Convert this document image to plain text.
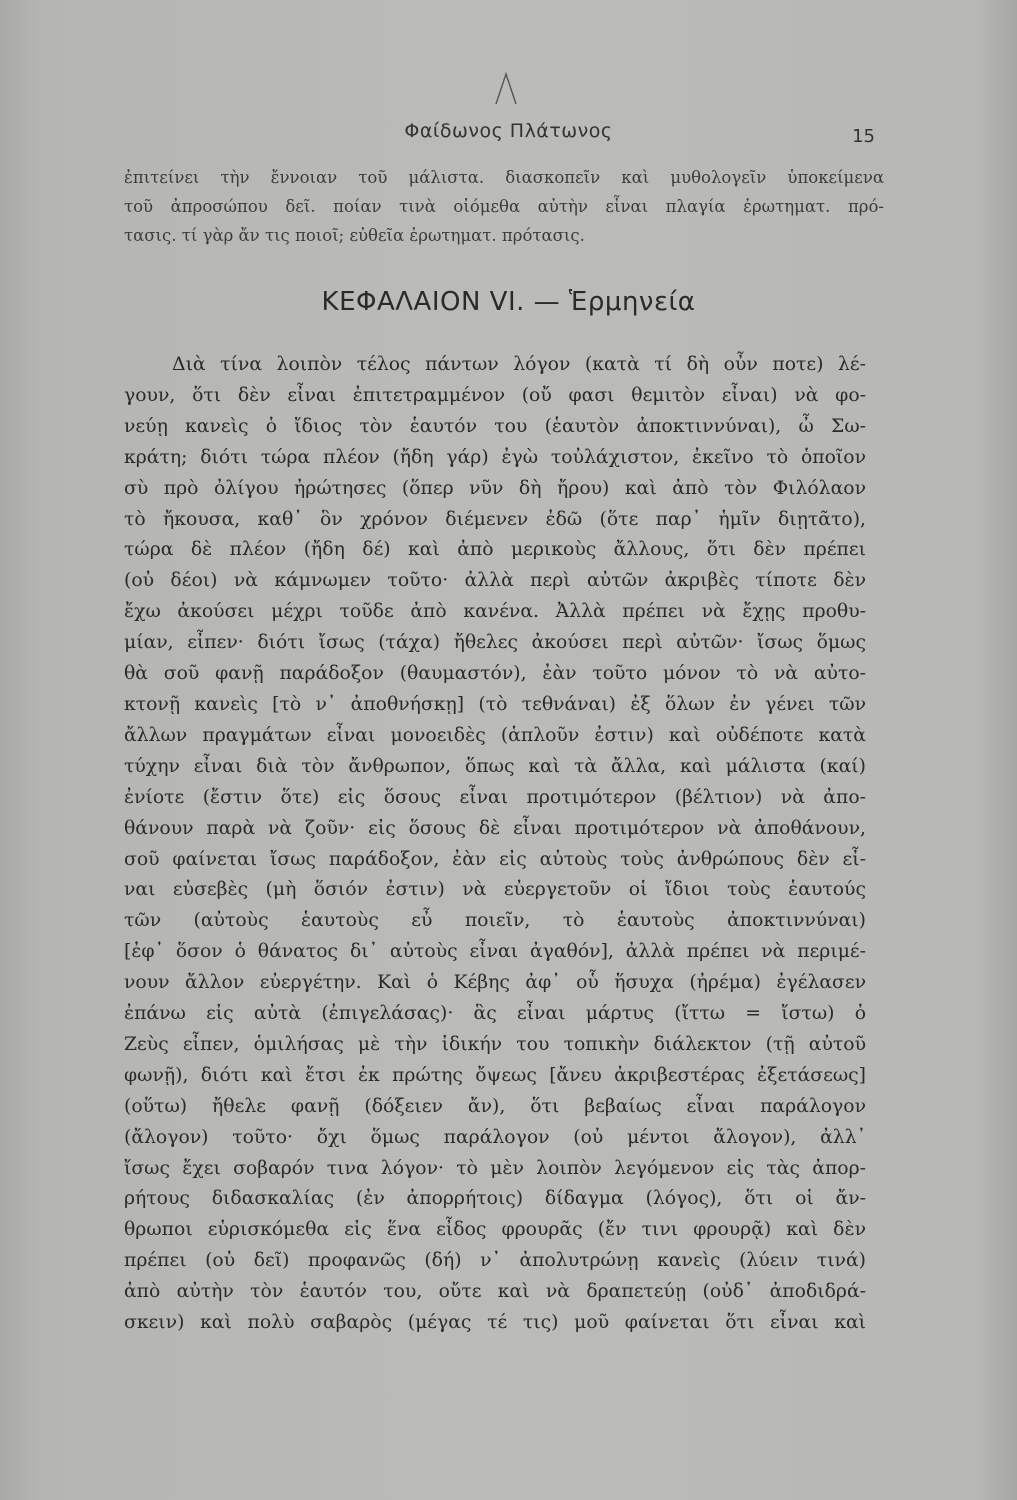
Φαίδωνος Πλάτωνος	15
ἐπιτείνει τὴν ἔννοιαν τοῦ μάλιστα. διασκοπεῖν καὶ μυθολογεῖν ὑποκείμενα
τοῦ ἀπροσώπου δεῖ. ποίαν τινὰ οἰόμεθα αὐτὴν εἶναι πλαγία ἐρωτηματ. πρό-
τασις. τί γὰρ ἄν τις ποιοῖ; εὐθεῖα ἐρωτηματ. πρότασις.
ΚΕΦΑΛΑΙΟΝ VI. — Ἑρμηνεία
Διὰ τίνα λοιπὸν τέλος πάντων λόγον (κατὰ τί δὴ οὖν ποτε) λέ-
γουν, ὅτι δὲν εἶναι ἐπιτετραμμένον (οὔ φασι θεμιτὸν εἶναι) νὰ φο-
νεύῃ κανεὶς ὁ ἴδιος τὸν ἑαυτόν του (ἑαυτὸν ἀποκτιννύναι), ὦ Σω-
κράτη; διότι τώρα πλέον (ἤδη γάρ) ἐγὼ τοὐλάχιστον, ἐκεῖνο τὸ ὁποῖον
σὺ πρὸ ὀλίγου ἠρώτησες (ὅπερ νῦν δὴ ἤρου) καὶ ἀπὸ τὸν Φιλόλαον
τὸ ἤκουσα, καθ᾿ ὃν χρόνον διέμενεν ἐδῶ (ὅτε παρ᾿ ἡμῖν διῃτᾶτο),
τώρα δὲ πλέον (ἤδη δέ) καὶ ἀπὸ μερικοὺς ἄλλους, ὅτι δὲν πρέπει
(οὐ δέοι) νὰ κάμνωμεν τοῦτο· ἀλλὰ περὶ αὐτῶν ἀκριβὲς τίποτε δὲν
ἔχω ἀκούσει μέχρι τοῦδε ἀπὸ κανένα. Ἀλλὰ πρέπει νὰ ἔχῃς προθυ-
μίαν, εἶπεν· διότι ἴσως (τάχα) ἤθελες ἀκούσει περὶ αὐτῶν· ἴσως ὅμως
θὰ σοῦ φανῇ παράδοξον (θαυμαστόν), ἐὰν τοῦτο μόνον τὸ νὰ αὐτο-
κτονῇ κανεὶς [τὸ ν᾿ ἀποθνήσκῃ] (τὸ τεθνάναι) ἐξ ὅλων ἐν γένει τῶν
ἄλλων πραγμάτων εἶναι μονοειδὲς (ἁπλοῦν ἐστιν) καὶ οὐδέποτε κατὰ
τύχην εἶναι διὰ τὸν ἄνθρωπον, ὅπως καὶ τὰ ἄλλα, καὶ μάλιστα (καί)
ἐνίοτε (ἔστιν ὅτε) εἰς ὅσους εἶναι προτιμότερον (βέλτιον) νὰ ἀπο-
θάνουν παρὰ νὰ ζοῦν· εἰς ὅσους δὲ εἶναι προτιμότερον νὰ ἀποθάνουν,
σοῦ φαίνεται ἴσως παράδοξον, ἐὰν εἰς αὐτοὺς τοὺς ἀνθρώπους δὲν εἶ-
ναι εὐσεβὲς (μὴ ὅσιόν ἐστιν) νὰ εὐεργετοῦν οἱ ἴδιοι τοὺς ἑαυτούς
τῶν (αὐτοὺς ἑαυτοὺς εὖ ποιεῖν, τὸ ἑαυτοὺς ἀποκτιννύναι)
[ἐφ᾿ ὅσον ὁ θάνατος δι᾿ αὐτοὺς εἶναι ἀγαθόν], ἀλλὰ πρέπει νὰ περιμέ-
νουν ἄλλον εὐεργέτην. Καὶ ὁ Κέβης ἀφ᾿ οὗ ἥσυχα (ἠρέμα) ἐγέλασεν
ἐπάνω εἰς αὐτὰ (ἐπιγελάσας)· ἃς εἶναι μάρτυς (ἴττω = ἴστω) ὁ
Ζεὺς εἶπεν, ὁμιλήσας μὲ τὴν ἰδικήν του τοπικὴν διάλεκτον (τῇ αὐτοῦ
φωνῇ), διότι καὶ ἔτσι ἐκ πρώτης ὄψεως [ἄνευ ἀκριβεστέρας ἐξετάσεως]
(οὕτω) ἤθελε φανῇ (δόξειεν ἄν), ὅτι βεβαίως εἶναι παράλογον
(ἄλογον) τοῦτο· ὄχι ὅμως παράλογον (οὐ μέντοι ἄλογον), ἀλλ᾿
ἴσως ἔχει σοβαρόν τινα λόγον· τὸ μὲν λοιπὸν λεγόμενον εἰς τὰς ἀπορ-
ρήτους διδασκαλίας (ἐν ἀπορρήτοις) δίδαγμα (λόγος), ὅτι οἱ ἄν-
θρωποι εὑρισκόμεθα εἰς ἕνα εἶδος φρουρᾶς (ἔν τινι φρουρᾷ) καὶ δὲν
πρέπει (οὐ δεῖ) προφανῶς (δή) ν᾿ ἀπολυτρώνῃ κανεὶς (λύειν τινά)
ἀπὸ αὐτὴν τὸν ἑαυτόν του, οὔτε καὶ νὰ δραπετεύῃ (οὐδ᾿ ἀποδιδρά-
σκειν) καὶ πολὺ σαβαρὸς (μέγας τέ τις) μοῦ φαίνεται ὅτι εἶναι καὶ
